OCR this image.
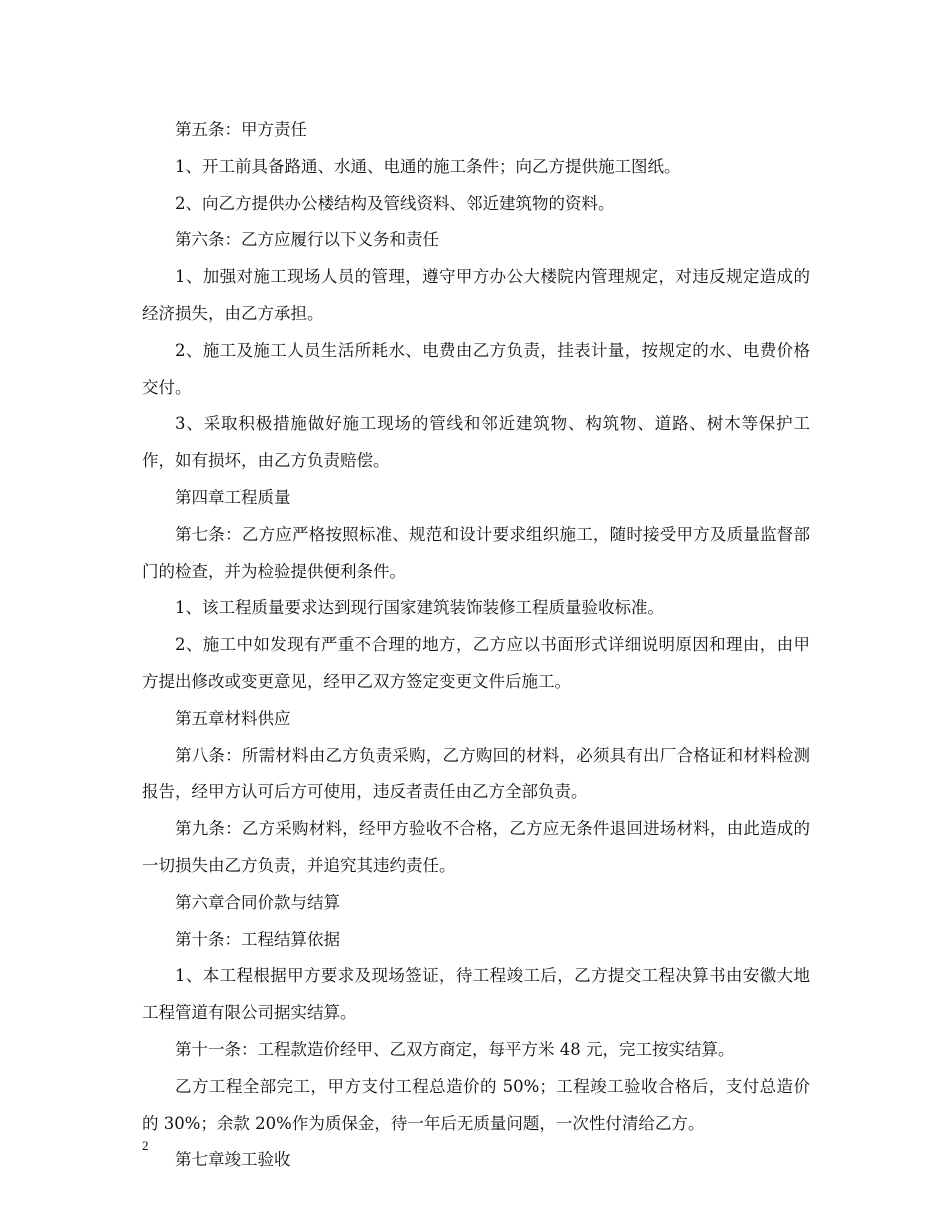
第五条：甲方责任

1、开工前具备路通、水通、电通的施工条件；向乙方提供施工图纸。

2、向乙方提供办公楼结构及管线资料、邻近建筑物的资料。

第六条：乙方应履行以下义务和责任

1、加强对施工现场人员的管理，遵守甲方办公大楼院内管理规定，对违反规定造成的经济损失，由乙方承担。

2、施工及施工人员生活所耗水、电费由乙方负责，挂表计量，按规定的水、电费价格交付。

3、采取积极措施做好施工现场的管线和邻近建筑物、构筑物、道路、树木等保护工作，如有损坏，由乙方负责赔偿。

第四章工程质量

第七条：乙方应严格按照标准、规范和设计要求组织施工，随时接受甲方及质量监督部门的检查，并为检验提供便利条件。

1、该工程质量要求达到现行国家建筑装饰装修工程质量验收标准。

2、施工中如发现有严重不合理的地方，乙方应以书面形式详细说明原因和理由，由甲方提出修改或变更意见，经甲乙双方签定变更文件后施工。

第五章材料供应

第八条：所需材料由乙方负责采购，乙方购回的材料，必须具有出厂合格证和材料检测报告，经甲方认可后方可使用，违反者责任由乙方全部负责。

第九条：乙方采购材料，经甲方验收不合格，乙方应无条件退回进场材料，由此造成的一切损失由乙方负责，并追究其违约责任。

第六章合同价款与结算

第十条：工程结算依据

1、本工程根据甲方要求及现场签证，待工程竣工后，乙方提交工程决算书由安徽大地工程管道有限公司据实结算。

第十一条：工程款造价经甲、乙双方商定，每平方米 48 元，完工按实结算。

乙方工程全部完工，甲方支付工程总造价的 50%；工程竣工验收合格后，支付总造价的 30%；余款 20%作为质保金，待一年后无质量问题，一次性付清给乙方。

第七章竣工验收

2
